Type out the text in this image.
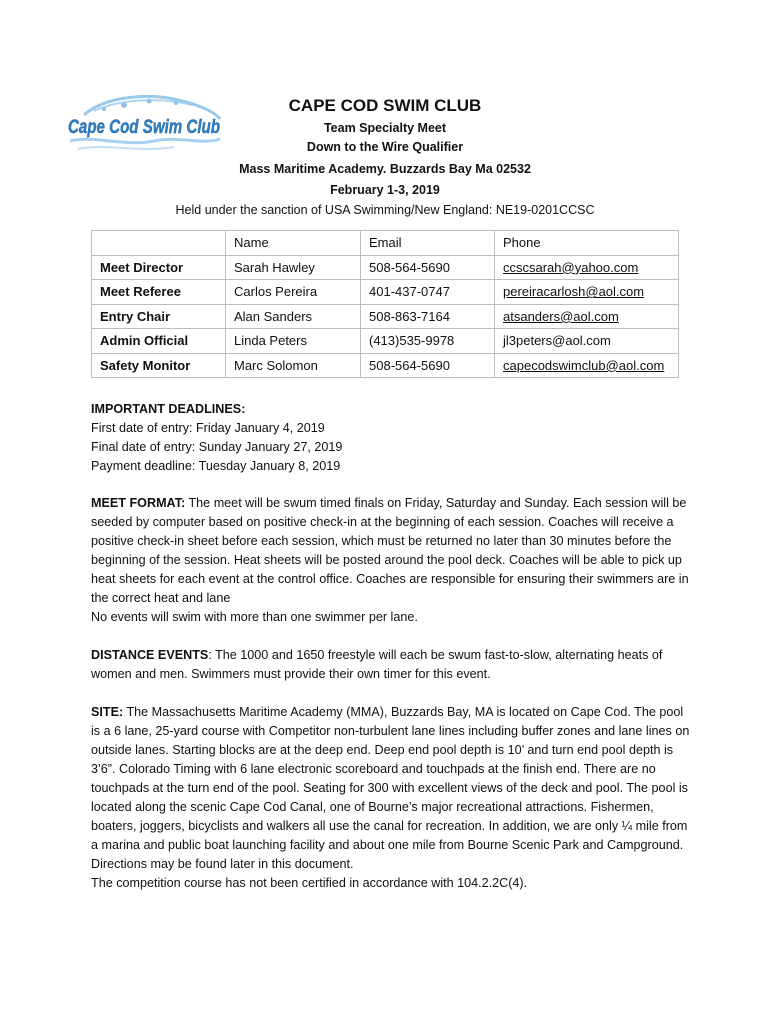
Cape Cod Swim Club
CAPE COD SWIM CLUB
Team Specialty Meet
Down to the Wire Qualifier
Mass Maritime Academy. Buzzards Bay Ma 02532
February 1-3, 2019
Held under the sanction of USA Swimming/New England: NE19-0201CCSC
	Name	Email	Phone
Meet Director	Sarah Hawley	508-564-5690	ccscsarah@yahoo.com
Meet Referee	Carlos Pereira	401-437-0747	pereiracarlosh@aol.com
Entry Chair	Alan Sanders	508-863-7164	atsanders@aol.com
Admin Official	Linda Peters	(413)535-9978	jl3peters@aol.com
Safety Monitor	Marc Solomon	508-564-5690	capecodswimclub@aol.com

IMPORTANT DEADLINES:

First date of entry: Friday January 4, 2019

Final date of entry: Sunday January 27, 2019

Payment deadline: Tuesday January 8, 2019

MEET FORMAT: The meet will be swum timed finals on Friday, Saturday and Sunday. Each session will be seeded by computer based on positive check-in at the beginning of each session. Coaches will receive a positive check-in sheet before each session, which must be returned no later than 30 minutes before the beginning of the session. Heat sheets will be posted around the pool deck. Coaches will be able to pick up heat sheets for each event at the control office. Coaches are responsible for ensuring their swimmers are in the correct heat and lane

No events will swim with more than one swimmer per lane.

DISTANCE EVENTS: The 1000 and 1650 freestyle will each be swum fast-to-slow, alternating heats of women and men. Swimmers must provide their own timer for this event.

SITE: The Massachusetts Maritime Academy (MMA), Buzzards Bay, MA is located on Cape Cod. The pool is a 6 lane, 25-yard course with Competitor non-turbulent lane lines including buffer zones and lane lines on outside lanes. Starting blocks are at the deep end. Deep end pool depth is 10’ and turn end pool depth is 3’6”. Colorado Timing with 6 lane electronic scoreboard and touchpads at the finish end. There are no touchpads at the turn end of the pool. Seating for 300 with excellent views of the deck and pool. The pool is located along the scenic Cape Cod Canal, one of Bourne’s major recreational attractions. Fishermen, boaters, joggers, bicyclists and walkers all use the canal for recreation. In addition, we are only ¼ mile from a marina and public boat launching facility and about one mile from Bourne Scenic Park and Campground. Directions may be found later in this document.

The competition course has not been certified in accordance with 104.2.2C(4).
